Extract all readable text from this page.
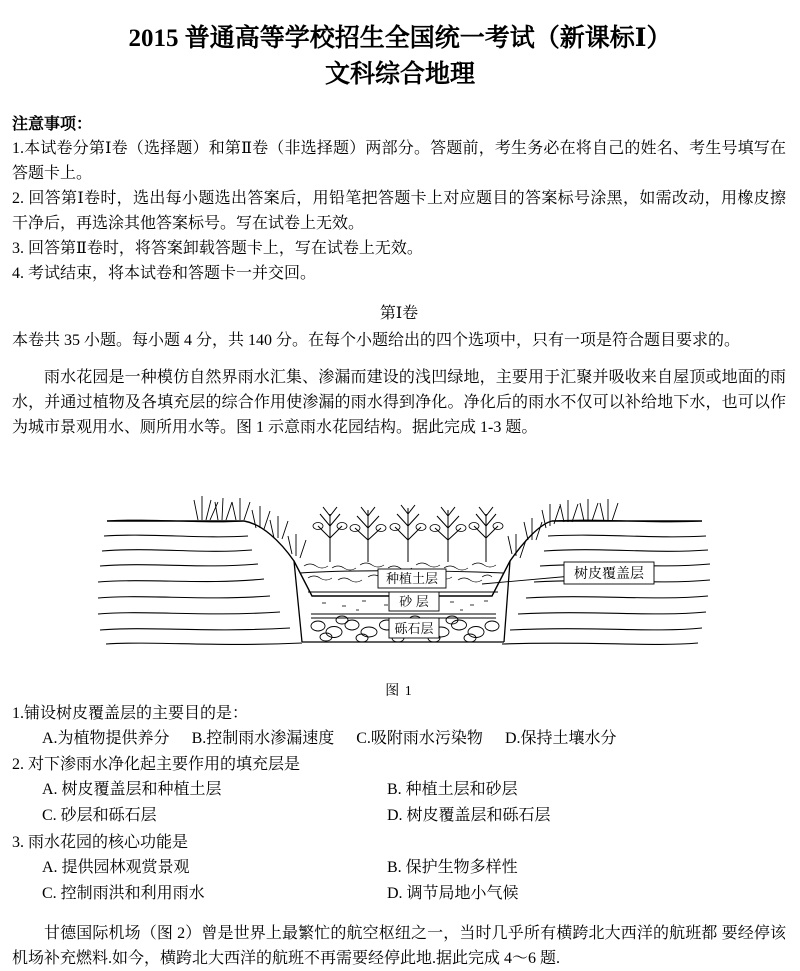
2015 普通高等学校招生全国统一考试（新课标Ⅰ）
文科综合地理
注意事项：
1.本试卷分第Ⅰ卷（选择题）和第Ⅱ卷（非选择题）两部分。答题前，考生务必在将自己的姓名、考生号填写在答题卡上。
2. 回答第Ⅰ卷时，选出每小题选出答案后，用铅笔把答题卡上对应题目的答案标号涂黑，如需改动，用橡皮擦干净后，再选涂其他答案标号。写在试卷上无效。
3. 回答第Ⅱ卷时，将答案卸载答题卡上，写在试卷上无效。
4. 考试结束，将本试卷和答题卡一并交回。
第Ⅰ卷
本卷共 35 小题。每小题 4 分，共 140 分。在每个小题给出的四个选项中，只有一项是符合题目要求的。
雨水花园是一种模仿自然界雨水汇集、渗漏而建设的浅凹绿地，主要用于汇聚并吸收来自屋顶或地面的雨水，并通过植物及各填充层的综合作用使渗漏的雨水得到净化。净化后的雨水不仅可以补给地下水，也可以作为城市景观用水、厕所用水等。图 1 示意雨水花园结构。据此完成 1-3 题。
种植土层
砂 层
砾石层
树皮覆盖层
图 1
1.铺设树皮覆盖层的主要目的是：
A.为植物提供养分 B.控制雨水渗漏速度 C.吸附雨水污染物 D.保持土壤水分
2. 对下渗雨水净化起主要作用的填充层是
A. 树皮覆盖层和种植土层	B. 种植土层和砂层
C. 砂层和砾石层	D. 树皮覆盖层和砾石层
3. 雨水花园的核心功能是
A. 提供园林观赏景观	B. 保护生物多样性
C. 控制雨洪和利用雨水	D. 调节局地小气候
甘德国际机场（图 2）曾是世界上最繁忙的航空枢纽之一，当时几乎所有横跨北大西洋的航班都 要经停该机场补充燃料.如今，横跨北大西洋的航班不再需要经停此地.据此完成 4～6 题.
